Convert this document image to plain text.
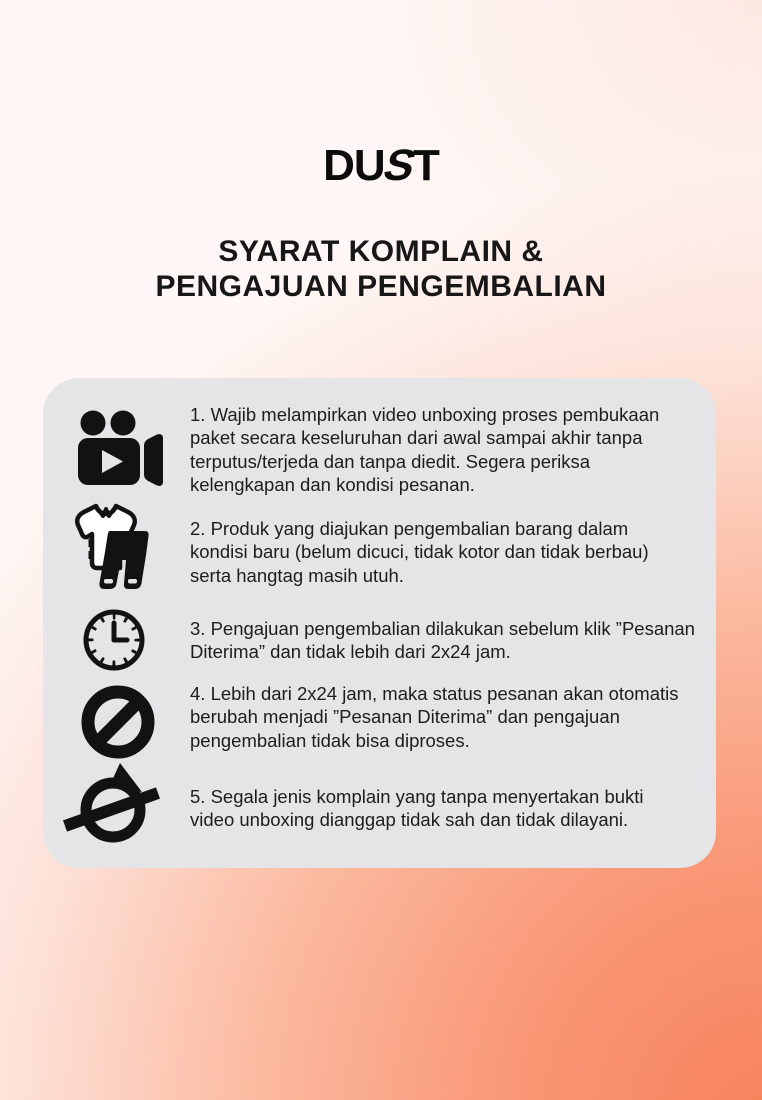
DUST
SYARAT KOMPLAIN &
PENGAJUAN PENGEMBALIAN
1. Wajib melampirkan video unboxing proses pembukaan
paket secara keseluruhan dari awal sampai akhir tanpa
terputus/terjeda dan tanpa diedit. Segera periksa
kelengkapan dan kondisi pesanan.
2. Produk yang diajukan pengembalian barang dalam
kondisi baru (belum dicuci, tidak kotor dan tidak berbau)
serta hangtag masih utuh.
3. Pengajuan pengembalian dilakukan sebelum klik ”Pesanan
Diterima” dan tidak lebih dari 2x24 jam.
4. Lebih dari 2x24 jam, maka status pesanan akan otomatis
berubah menjadi ”Pesanan Diterima” dan pengajuan
pengembalian tidak bisa diproses.
5. Segala jenis komplain yang tanpa menyertakan bukti
video unboxing dianggap tidak sah dan tidak dilayani.
